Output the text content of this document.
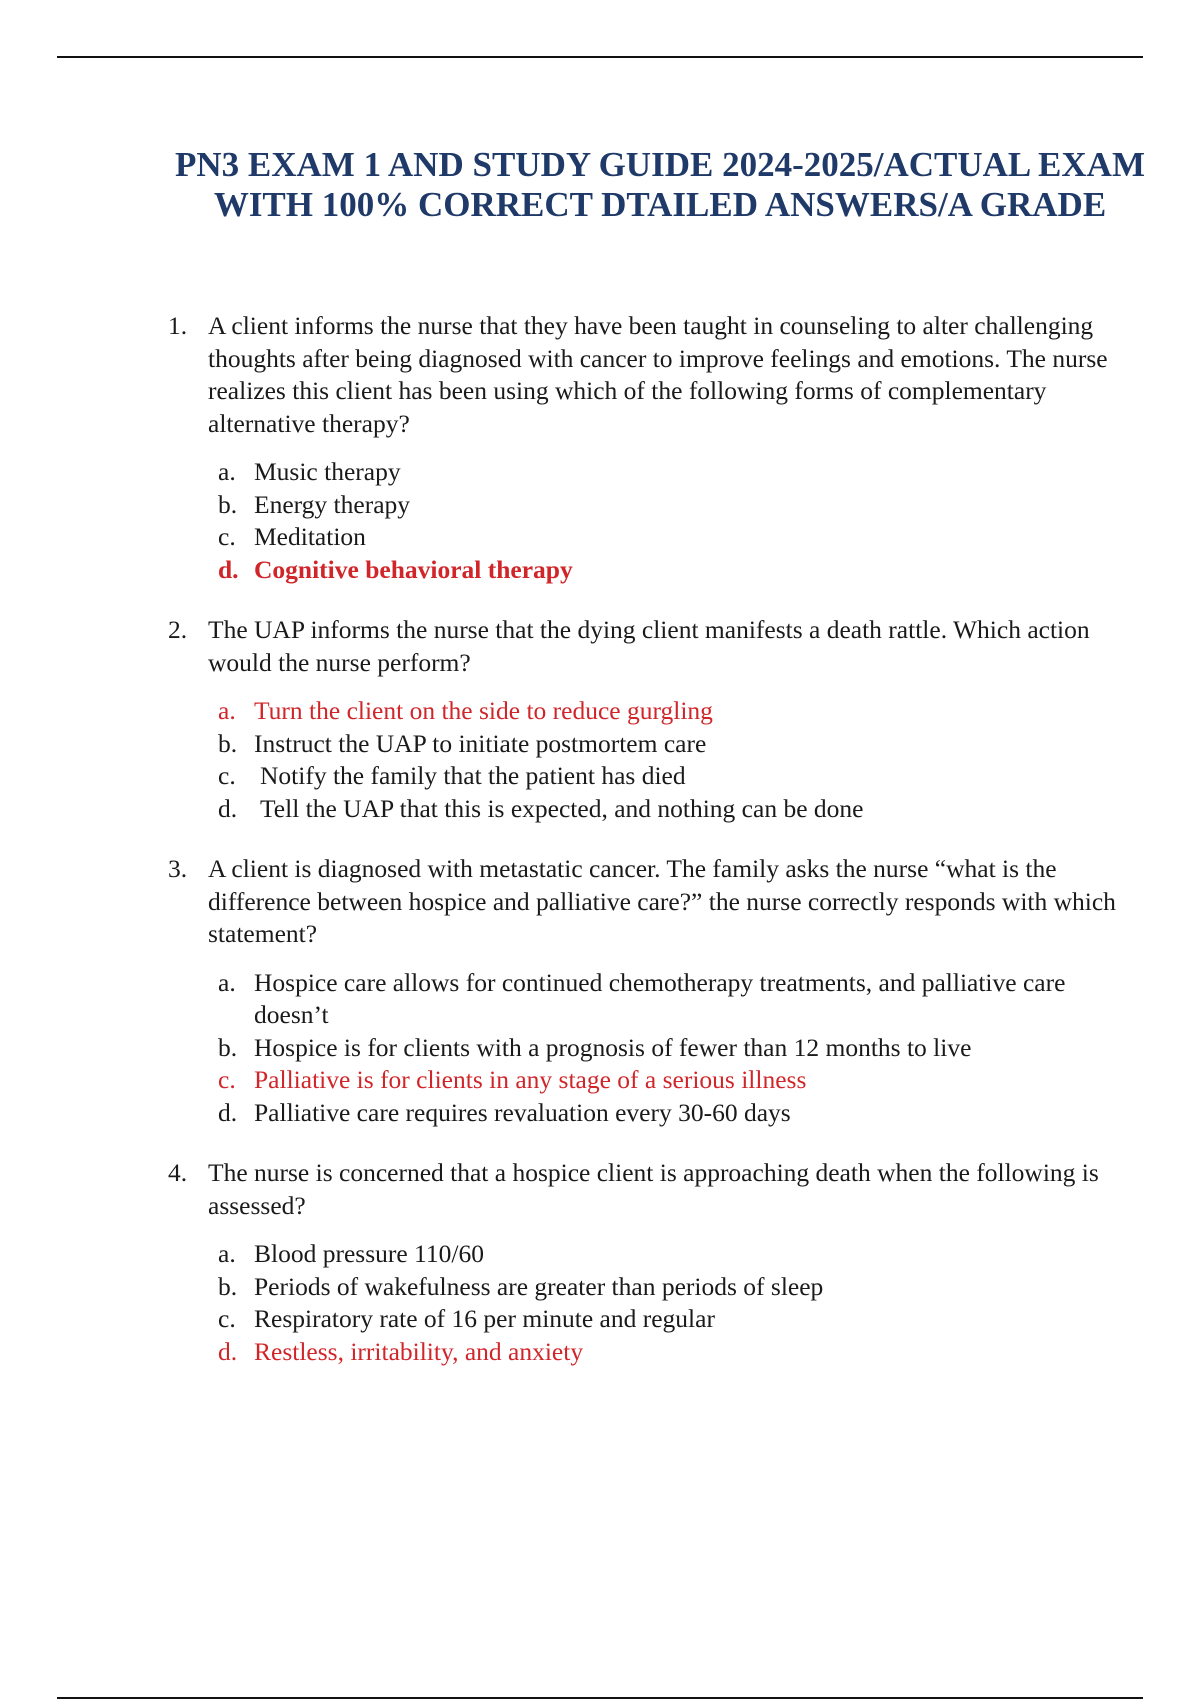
PN3 EXAM 1 AND STUDY GUIDE 2024-2025/ACTUAL EXAM
WITH 100% CORRECT DTAILED ANSWERS/A GRADE
1. A client informs the nurse that they have been taught in counseling to alter challenging thoughts after being diagnosed with cancer to improve feelings and emotions. The nurse realizes this client has been using which of the following forms of complementary alternative therapy?
a. Music therapy
b. Energy therapy
c. Meditation
d. Cognitive behavioral therapy
2. The UAP informs the nurse that the dying client manifests a death rattle. Which action would the nurse perform?
a. Turn the client on the side to reduce gurgling
b. Instruct the UAP to initiate postmortem care
c. Notify the family that the patient has died
d. Tell the UAP that this is expected, and nothing can be done
3. A client is diagnosed with metastatic cancer. The family asks the nurse “what is the difference between hospice and palliative care?” the nurse correctly responds with which statement?
a. Hospice care allows for continued chemotherapy treatments, and palliative care doesn’t
b. Hospice is for clients with a prognosis of fewer than 12 months to live
c. Palliative is for clients in any stage of a serious illness
d. Palliative care requires revaluation every 30-60 days
4. The nurse is concerned that a hospice client is approaching death when the following is assessed?
a. Blood pressure 110/60
b. Periods of wakefulness are greater than periods of sleep
c. Respiratory rate of 16 per minute and regular
d. Restless, irritability, and anxiety
